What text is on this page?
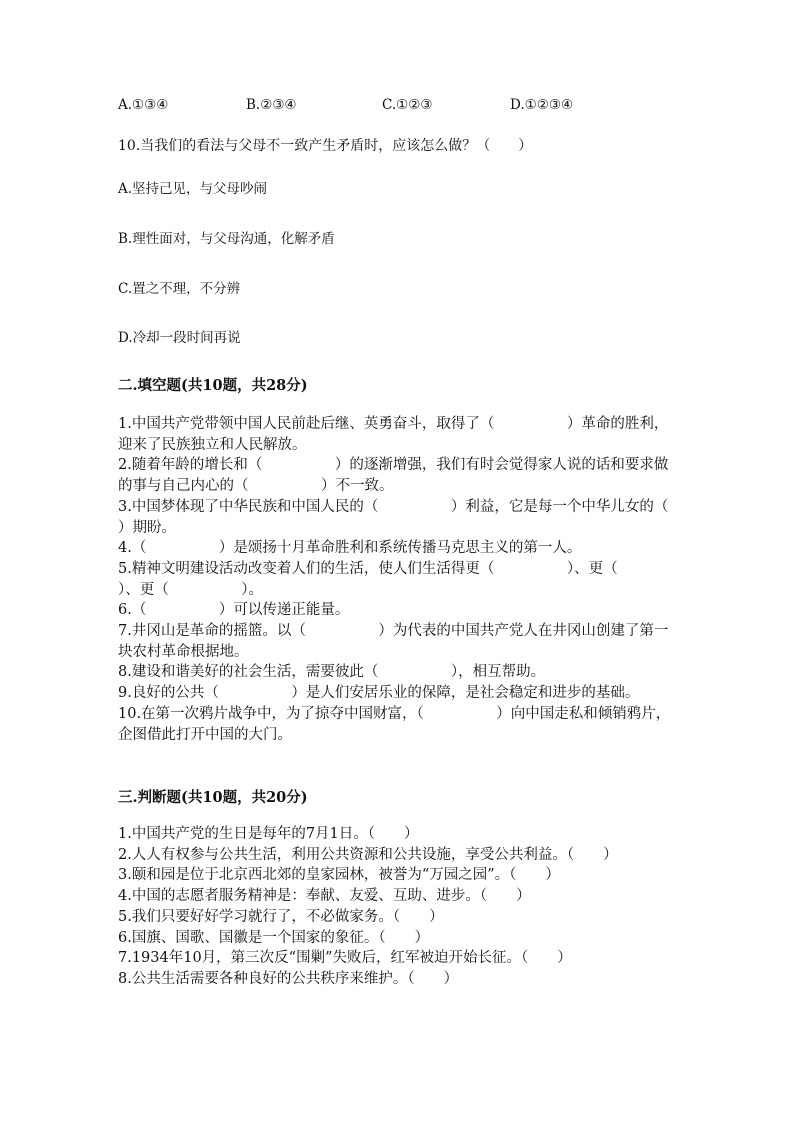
A.①③④	B.②③④	C.①②③	D.①②③④
10.当我们的看法与父母不一致产生矛盾时，应该怎么做？（　　）
A.坚持己见，与父母吵闹
B.理性面对，与父母沟通，化解矛盾
C.置之不理，不分辨
D.冷却一段时间再说
二.填空题(共10题，共28分)
1.中国共产党带领中国人民前赴后继、英勇奋斗，取得了（　　　　　）革命的胜利，迎来了民族独立和人民解放。
2.随着年龄的增长和（　　　　　）的逐渐增强，我们有时会觉得家人说的话和要求做的事与自己内心的（　　　　　）不一致。
3.中国梦体现了中华民族和中国人民的（　　　　　）利益，它是每一个中华儿女的（　　　　　）期盼。
4.（　　　　　）是颂扬十月革命胜利和系统传播马克思主义的第一人。
5.精神文明建设活动改变着人们的生活，使人们生活得更（　　　　　）、更（　　　　　）、更（　　　　　）。
6.（　　　　　）可以传递正能量。
7.井冈山是革命的摇篮。以（　　　　　）为代表的中国共产党人在井冈山创建了第一块农村革命根据地。
8.建设和谐美好的社会生活，需要彼此（　　　　　），相互帮助。
9.良好的公共（　　　　　）是人们安居乐业的保障，是社会稳定和进步的基础。
10.在第一次鸦片战争中，为了掠夺中国财富，（　　　　　）向中国走私和倾销鸦片，企图借此打开中国的大门。
三.判断题(共10题，共20分)
1.中国共产党的生日是每年的7月1日。（　　）
2.人人有权参与公共生活，利用公共资源和公共设施，享受公共利益。（　　）
3.颐和园是位于北京西北郊的皇家园林，被誉为“万园之园”。（　　）
4.中国的志愿者服务精神是：奉献、友爱、互助、进步。（　　）
5.我们只要好好学习就行了，不必做家务。（　　）
6.国旗、国歌、国徽是一个国家的象征。（　　）
7.1934年10月，第三次反“围剿”失败后，红军被迫开始长征。（　　）
8.公共生活需要各种良好的公共秩序来维护。（　　）
